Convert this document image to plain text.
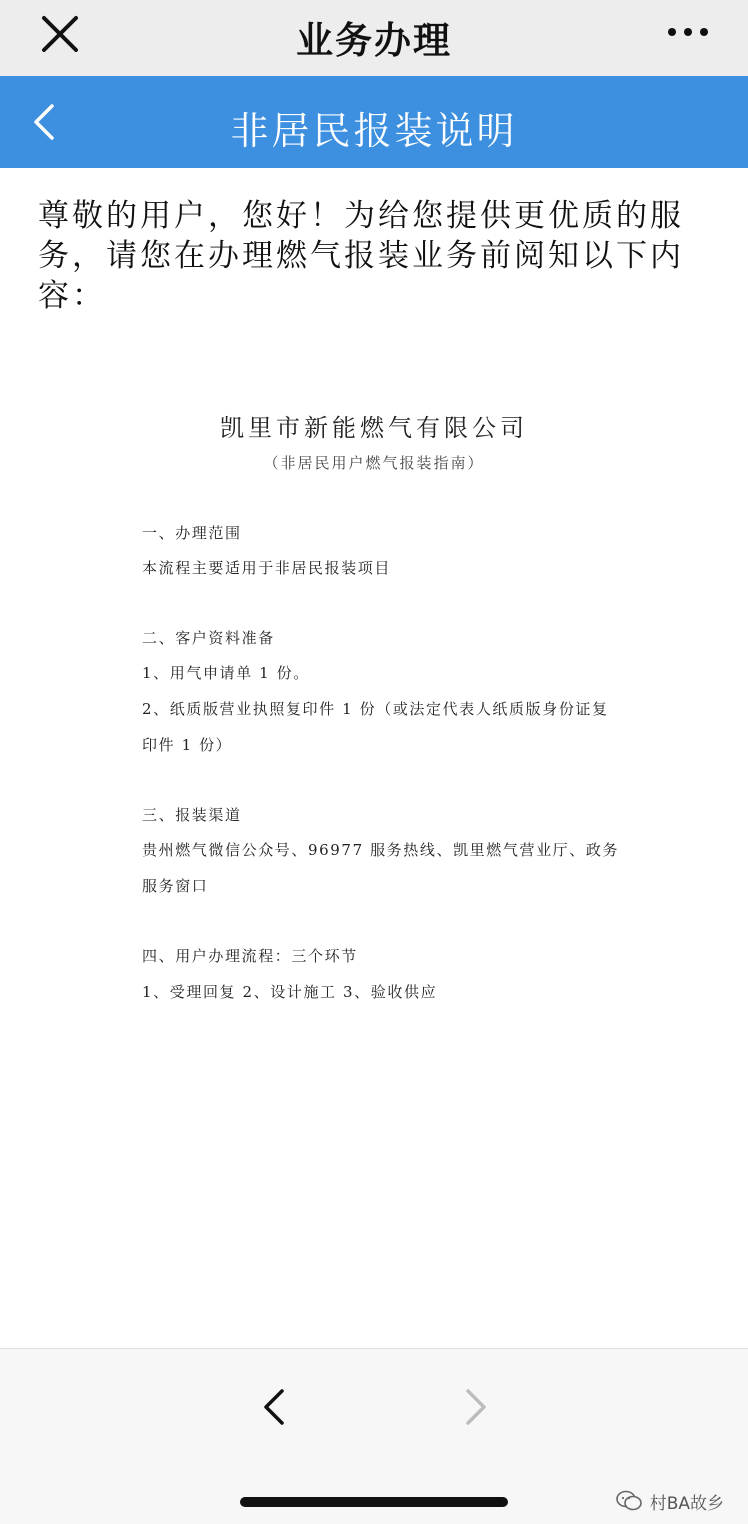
业务办理
非居民报装说明
尊敬的用户，您好！为给您提供更优质的服务，请您在办理燃气报装业务前阅知以下内容：
凯里市新能燃气有限公司
（非居民用户燃气报装指南）
一、办理范围
本流程主要适用于非居民报装项目
二、客户资料准备
1、用气申请单 1 份。
2、纸质版营业执照复印件 1 份（或法定代表人纸质版身份证复
印件 1 份）
三、报装渠道
贵州燃气微信公众号、96977 服务热线、凯里燃气营业厅、政务
服务窗口
四、用户办理流程：三个环节
1、受理回复 2、设计施工 3、验收供应
村BA故乡
